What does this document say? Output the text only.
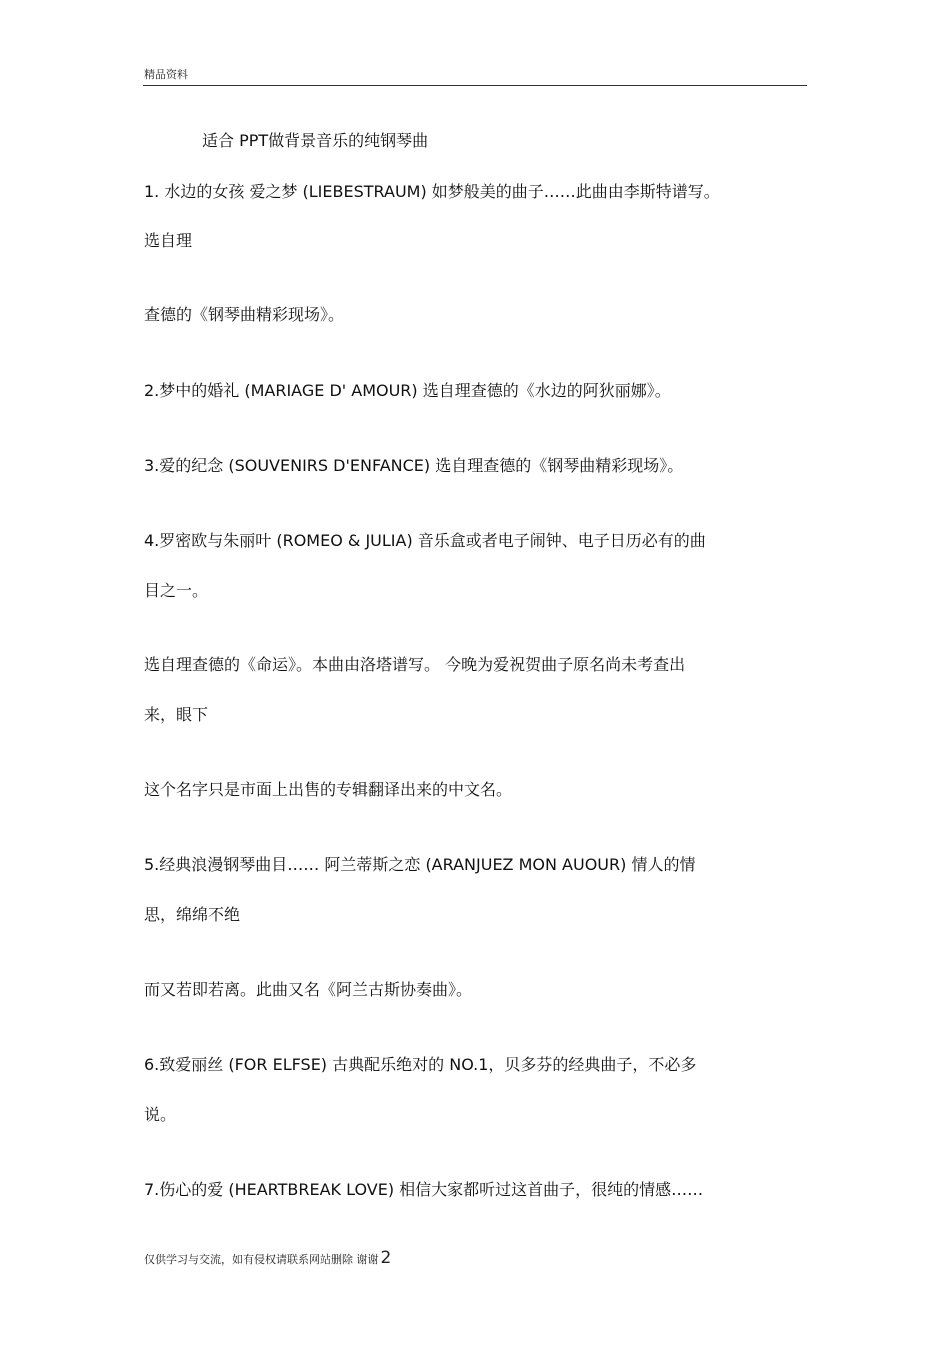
精品资料
适合 PPT做背景音乐的纯钢琴曲
1. 水边的女孩 爱之梦 (LIEBESTRAUM) 如梦般美的曲子……此曲由李斯特谱写。
选自理
查德的《钢琴曲精彩现场》。
2.梦中的婚礼 (MARIAGE D' AMOUR) 选自理查德的《水边的阿狄丽娜》。
3.爱的纪念 (SOUVENIRS D'ENFANCE) 选自理查德的《钢琴曲精彩现场》。
4.罗密欧与朱丽叶 (ROMEO & JULIA) 音乐盒或者电子闹钟、电子日历必有的曲
目之一。
选自理查德的《命运》。本曲由洛塔谱写。 今晚为爱祝贺曲子原名尚未考查出
来，眼下
这个名字只是市面上出售的专辑翻译出来的中文名。
5.经典浪漫钢琴曲目…… 阿兰蒂斯之恋 (ARANJUEZ MON AUOUR) 情人的情
思，绵绵不绝
而又若即若离。此曲又名《阿兰古斯协奏曲》。
6.致爱丽丝 (FOR ELFSE) 古典配乐绝对的 NO.1，贝多芬的经典曲子，不必多
说。
7.伤心的爱 (HEARTBREAK LOVE) 相信大家都听过这首曲子，很纯的情感……
仅供学习与交流，如有侵权请联系网站删除 谢谢 2
